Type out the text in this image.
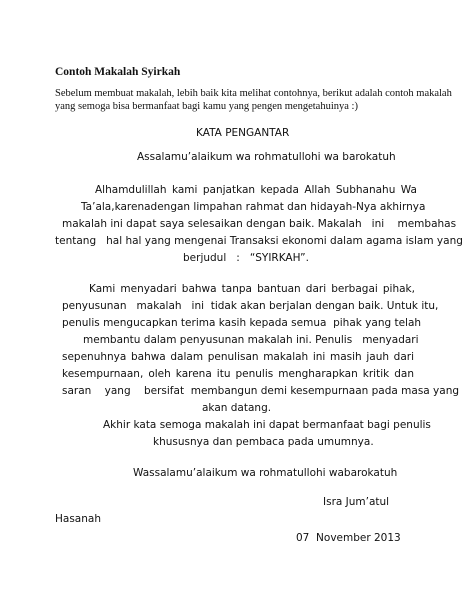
Contoh Makalah Syirkah
Sebelum membuat makalah, lebih baik kita melihat contohnya, berikut adalah contoh makalah
yang semoga bisa bermanfaat bagi kamu yang pengen mengetahuinya :)
KATA PENGANTAR
Assalamu’alaikum wa rohmatullohi wa barokatuh
Alhamdulillah kami panjatkan kepada Allah Subhanahu Wa
Ta’ala, karena dengan limpahan rahmat dan hidayah-Nya akhirnya
makalah ini dapat saya selesaikan dengan baik. Makalah   ini    membahas
tentang   hal hal yang mengenai Transaksi ekonomi dalam agama islam yang
berjudul   :   “SYIRKAH”.
Kami menyadari bahwa tanpa bantuan dari berbagai pihak,
penyusunan   makalah   ini  tidak akan berjalan dengan baik. Untuk itu,
penulis mengucapkan terima kasih kepada semua  pihak yang telah
membantu dalam penyusunan makalah ini. Penulis   menyadari
sepenuhnya bahwa dalam penulisan makalah ini masih jauh dari
kesempurnaan, oleh karena itu penulis mengharapkan kritik dan
saran    yang    bersifat  membangun demi kesempurnaan pada masa yang
akan datang.
Akhir kata semoga makalah ini dapat bermanfaat bagi penulis
khususnya dan pembaca pada umumnya.
Wassalamu’alaikum wa rohmatullohi wabarokatuh
Isra Jum’atul
Hasanah
07  November 2013
